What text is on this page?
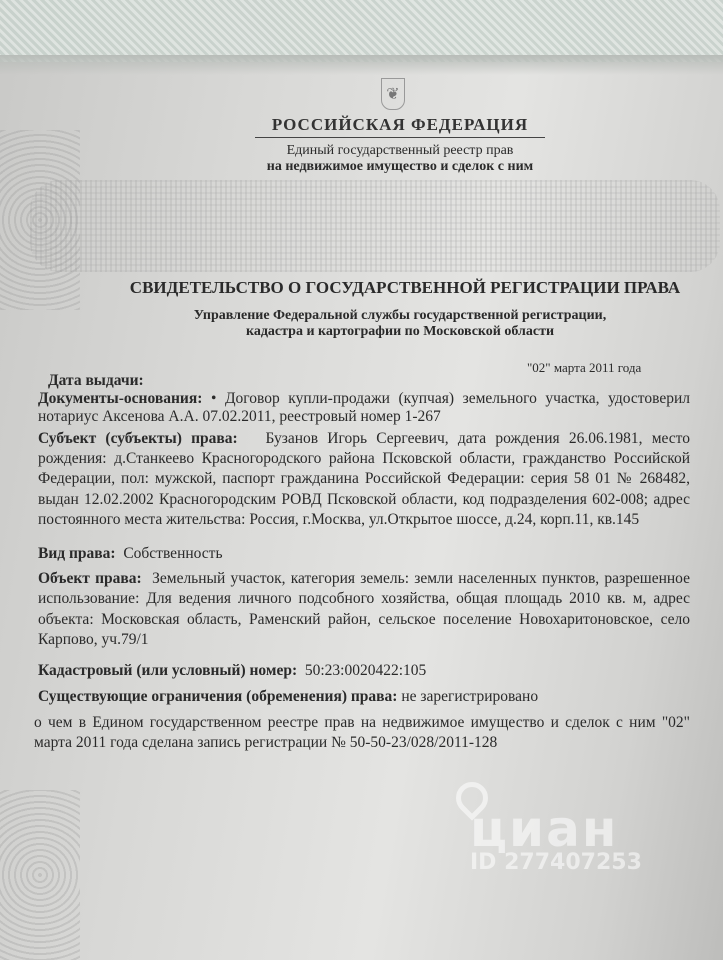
❦
РОССИЙСКАЯ ФЕДЕРАЦИЯ
Единый государственный реестр прав
на недвижимое имущество и сделок с ним
СВИДЕТЕЛЬСТВО О ГОСУДАРСТВЕННОЙ РЕГИСТРАЦИИ ПРАВА
Управление Федеральной службы государственной регистрации,
кадастра и картографии по Московской области
"02" марта 2011 года
Дата выдачи:
Документы-основания: • Договор купли-продажи (купчая) земельного участка, удостоверил
нотариус Аксенова А.А. 07.02.2011, реестровый номер 1-267
Субъект (субъекты) права: Бузанов Игорь Сергеевич, дата рождения 26.06.1981, место
рождения: д.Станкеево Красногородского района Псковской области, гражданство Российской
Федерации, пол: мужской, паспорт гражданина Российской Федерации: серия 58 01 № 268482,
выдан 12.02.2002 Красногородским РОВД Псковской области, код подразделения 602-008; адрес
постоянного места жительства: Россия, г.Москва, ул.Открытое шоссе, д.24, корп.11, кв.145
Вид права: Собственность
Объект права: Земельный участок, категория земель: земли населенных пунктов, разрешенное
использование: Для ведения личного подсобного хозяйства, общая площадь 2010 кв. м, адрес
объекта: Московская область, Раменский район, сельское поселение Новохаритоновское, село
Карпово, уч.79/1
Кадастровый (или условный) номер: 50:23:0020422:105
Существующие ограничения (обременения) права: не зарегистрировано
о чем в Едином государственном реестре прав на недвижимое имущество и сделок с ним "02"
марта 2011 года сделана запись регистрации № 50-50-23/028/2011-128
циан
ID 277407253
